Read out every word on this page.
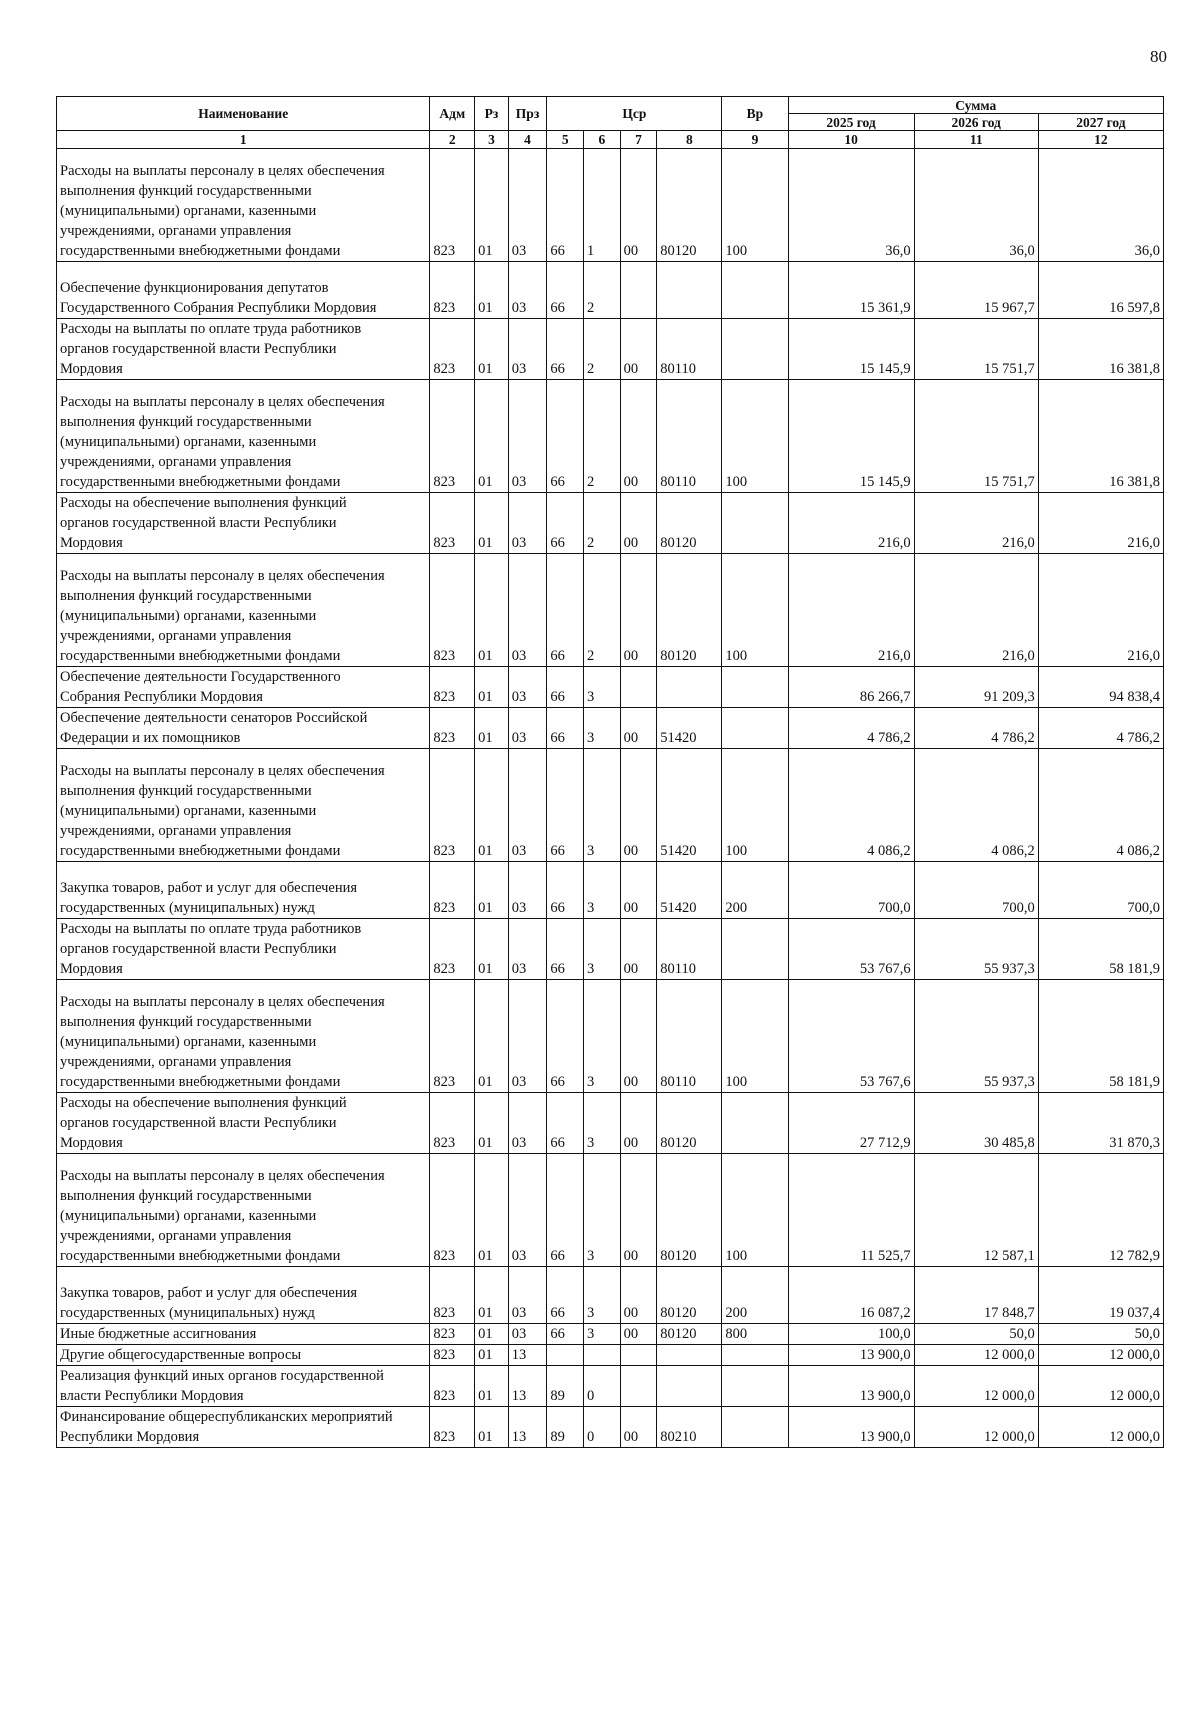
80
Наименование	Адм	Рз	Прз	Цср				Вр	Сумма		
									2025 год	2026 год	2027 год
1	2	3	4	5	6	7	8	9	10	11	12
Расходы на выплаты персоналу в целях обеспечения
выполнения функций государственными
(муниципальными) органами, казенными
учреждениями, органами управления
государственными внебюджетными фондами	823	01	03	66	1	00	80120	100	36,0	36,0	36,0
Обеспечение функционирования депутатов
Государственного Собрания Республики Мордовия	823	01	03	66	2				15 361,9	15 967,7	16 597,8
Расходы на выплаты по оплате труда работников
органов государственной власти Республики
Мордовия	823	01	03	66	2	00	80110		15 145,9	15 751,7	16 381,8
Расходы на выплаты персоналу в целях обеспечения
выполнения функций государственными
(муниципальными) органами, казенными
учреждениями, органами управления
государственными внебюджетными фондами	823	01	03	66	2	00	80110	100	15 145,9	15 751,7	16 381,8
Расходы на обеспечение выполнения функций
органов государственной власти Республики
Мордовия	823	01	03	66	2	00	80120		216,0	216,0	216,0
Расходы на выплаты персоналу в целях обеспечения
выполнения функций государственными
(муниципальными) органами, казенными
учреждениями, органами управления
государственными внебюджетными фондами	823	01	03	66	2	00	80120	100	216,0	216,0	216,0
Обеспечение деятельности Государственного
Собрания Республики Мордовия	823	01	03	66	3				86 266,7	91 209,3	94 838,4
Обеспечение деятельности сенаторов Российской
Федерации и их помощников	823	01	03	66	3	00	51420		4 786,2	4 786,2	4 786,2
Расходы на выплаты персоналу в целях обеспечения
выполнения функций государственными
(муниципальными) органами, казенными
учреждениями, органами управления
государственными внебюджетными фондами	823	01	03	66	3	00	51420	100	4 086,2	4 086,2	4 086,2
Закупка товаров, работ и услуг для обеспечения
государственных (муниципальных) нужд	823	01	03	66	3	00	51420	200	700,0	700,0	700,0
Расходы на выплаты по оплате труда работников
органов государственной власти Республики
Мордовия	823	01	03	66	3	00	80110		53 767,6	55 937,3	58 181,9
Расходы на выплаты персоналу в целях обеспечения
выполнения функций государственными
(муниципальными) органами, казенными
учреждениями, органами управления
государственными внебюджетными фондами	823	01	03	66	3	00	80110	100	53 767,6	55 937,3	58 181,9
Расходы на обеспечение выполнения функций
органов государственной власти Республики
Мордовия	823	01	03	66	3	00	80120		27 712,9	30 485,8	31 870,3
Расходы на выплаты персоналу в целях обеспечения
выполнения функций государственными
(муниципальными) органами, казенными
учреждениями, органами управления
государственными внебюджетными фондами	823	01	03	66	3	00	80120	100	11 525,7	12 587,1	12 782,9
Закупка товаров, работ и услуг для обеспечения
государственных (муниципальных) нужд	823	01	03	66	3	00	80120	200	16 087,2	17 848,7	19 037,4
Иные бюджетные ассигнования	823	01	03	66	3	00	80120	800	100,0	50,0	50,0
Другие общегосударственные вопросы	823	01	13						13 900,0	12 000,0	12 000,0
Реализация функций иных органов государственной
власти Республики Мордовия	823	01	13	89	0				13 900,0	12 000,0	12 000,0
Финансирование общереспубликанских мероприятий
Республики Мордовия	823	01	13	89	0	00	80210		13 900,0	12 000,0	12 000,0
